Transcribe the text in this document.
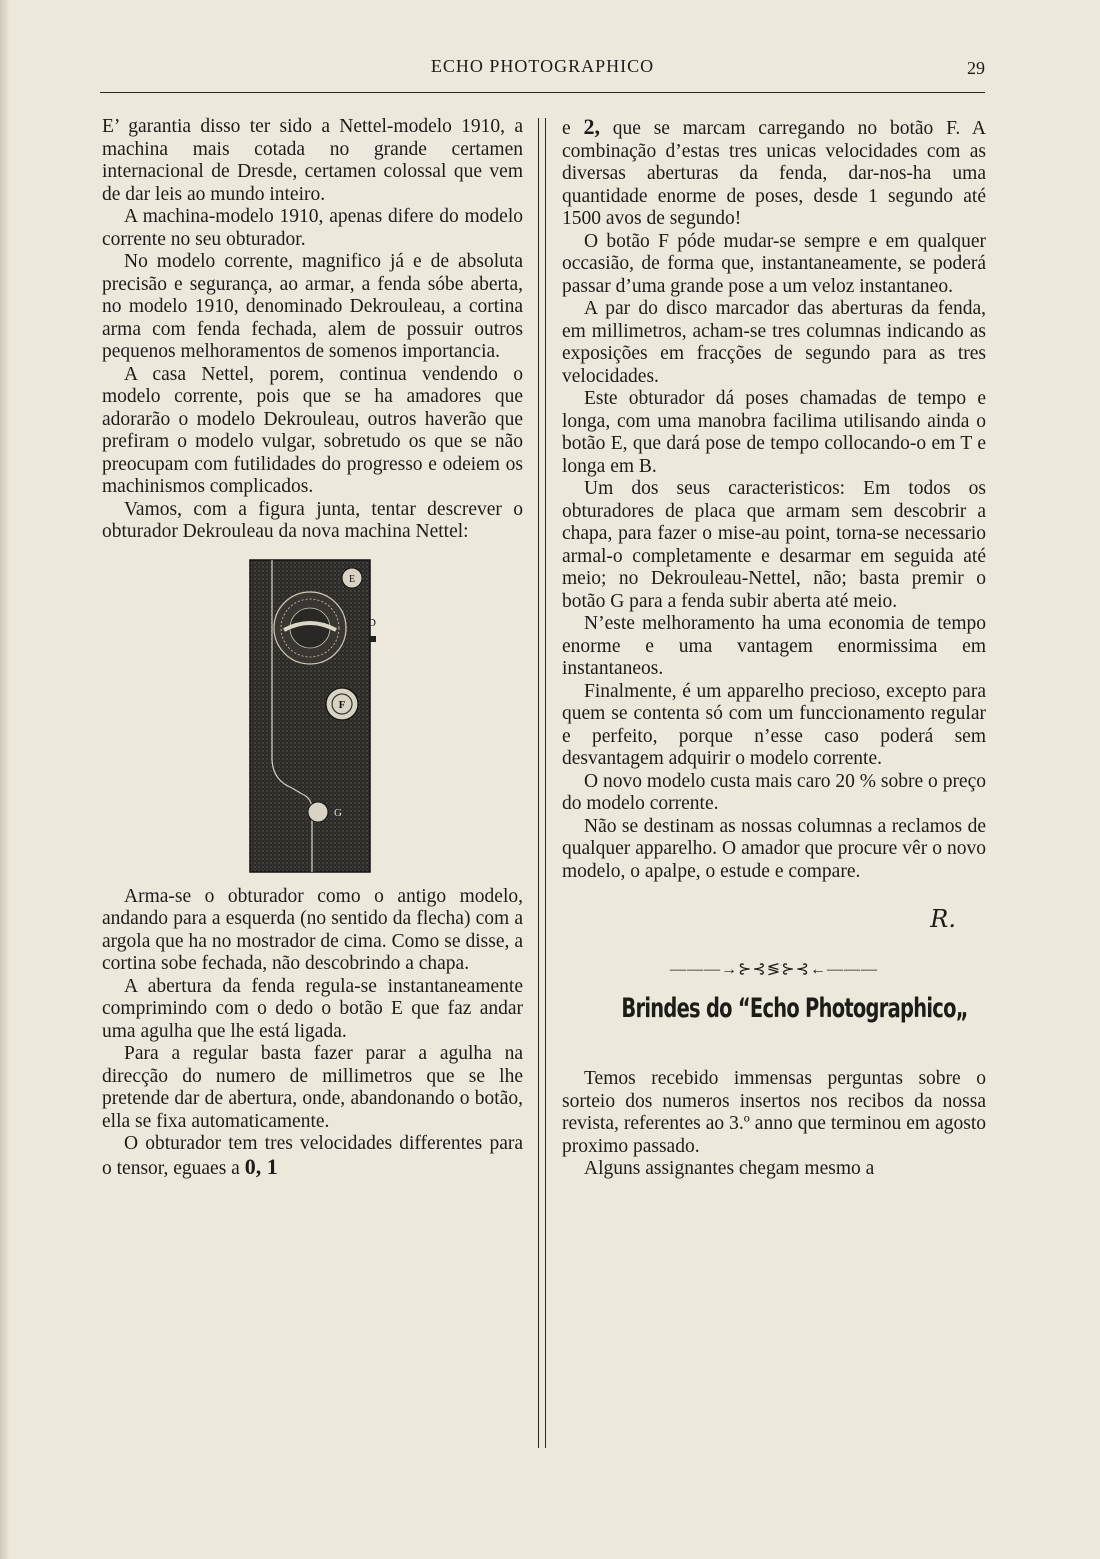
ECHO PHOTOGRAPHICO	29

E’ garantia disso ter sido a Nettel-modelo 1910, a machina mais cotada no grande certamen internacional de Dresde, certamen colossal que vem de dar leis ao mundo inteiro.

A machina-modelo 1910, apenas difere do modelo corrente no seu obturador.

No modelo corrente, magnifico já e de absoluta precisão e segurança, ao armar, a fenda sóbe aberta, no modelo 1910, denominado Dekrouleau, a cortina arma com fenda fechada, alem de possuir outros pequenos melhoramentos de somenos importancia.

A casa Nettel, porem, continua vendendo o modelo corrente, pois que se ha amadores que adorarão o modelo Dekrouleau, outros haverão que prefiram o modelo vulgar, sobretudo os que se não preocupam com futilidades do progresso e odeiem os machinismos complicados.

Vamos, com a figura junta, tentar descrever o obturador Dekrouleau da nova machina Nettel:

E
D
F
G

Arma-se o obturador como o antigo modelo, andando para a esquerda (no sentido da flecha) com a argola que ha no mostrador de cima. Como se disse, a cortina sobe fechada, não descobrindo a chapa.

A abertura da fenda regula-se instantaneamente comprimindo com o dedo o botão E que faz andar uma agulha que lhe está ligada.

Para a regular basta fazer parar a agulha na direcção do numero de millimetros que se lhe pretende dar de abertura, onde, abandonando o botão, ella se fixa automaticamente.

O obturador tem tres velocidades differentes para o tensor, eguaes a 0, 1

e 2, que se marcam carregando no botão F. A combinação d’estas tres unicas velocidades com as diversas aberturas da fenda, dar-nos-ha uma quantidade enorme de poses, desde 1 segundo até 1500 avos de segundo!

O botão F póde mudar-se sempre e em qualquer occasião, de forma que, instantaneamente, se poderá passar d’uma grande pose a um veloz instantaneo.

A par do disco marcador das aberturas da fenda, em millimetros, acham-se tres columnas indicando as exposições em fracções de segundo para as tres velocidades.

Este obturador dá poses chamadas de tempo e longa, com uma manobra facilima utilisando ainda o botão E, que dará pose de tempo collocando-o em T e longa em B.

Um dos seus caracteristicos: Em todos os obturadores de placa que armam sem descobrir a chapa, para fazer o mise-au point, torna-se necessario armal-o completamente e desarmar em seguida até meio; no Dekrouleau-Nettel, não; basta premir o botão G para a fenda subir aberta até meio.

N’este melhoramento ha uma economia de tempo enorme e uma vantagem enormissima em instantaneos.

Finalmente, é um apparelho precioso, excepto para quem se contenta só com um funccionamento regular e perfeito, porque n’esse caso poderá sem desvantagem adquirir o modelo corrente.

O novo modelo custa mais caro 20 % sobre o preço do modelo corrente.

Não se destinam as nossas columnas a reclamos de qualquer apparelho. O amador que procure vêr o novo modelo, o apalpe, o estude e compare.

R.
———→⊱⊰≶⊱⊰←———
Brindes do “Echo Photographico„

Temos recebido immensas perguntas sobre o sorteio dos numeros insertos nos recibos da nossa revista, referentes ao 3.º anno que terminou em agosto proximo passado.

Alguns assignantes chegam mesmo a
